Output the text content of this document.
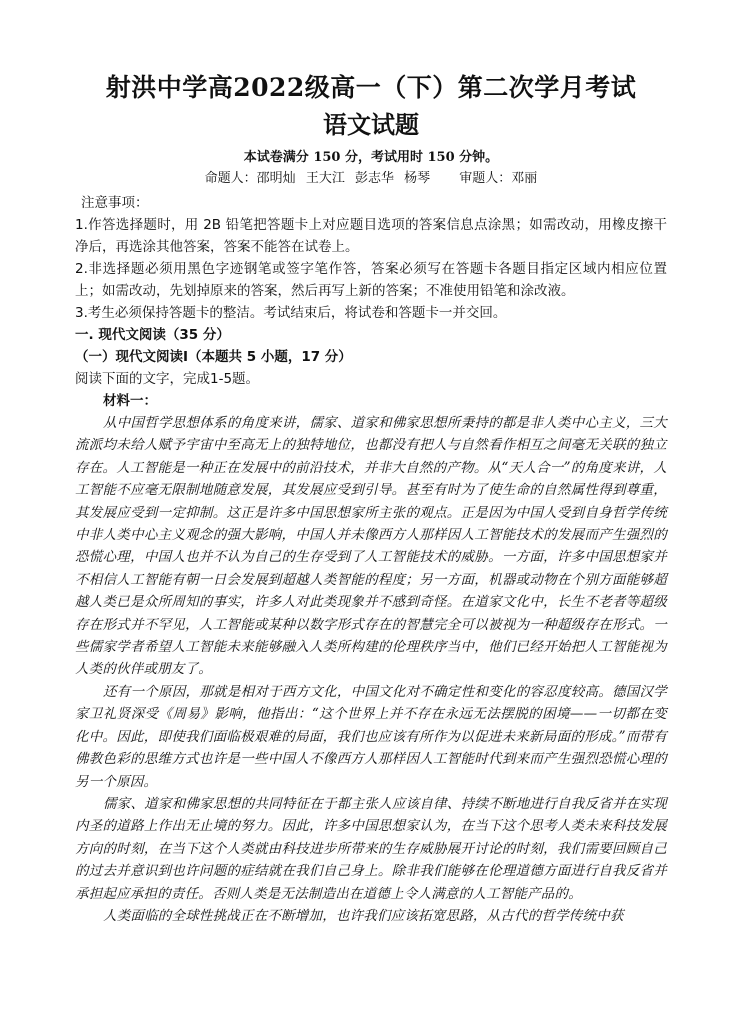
射洪中学高2022级高一（下）第二次学月考试
语文试题
本试卷满分 150 分，考试用时 150 分钟。
命题人：邵明灿 王大江 彭志华 杨琴 审题人：邓丽
注意事项：

1.作答选择题时，用 2B 铅笔把答题卡上对应题目选项的答案信息点涂黑；如需改动，用橡皮擦干净后，再选涂其他答案，答案不能答在试卷上。

2.非选择题必须用黑色字迹钢笔或签字笔作答，答案必须写在答题卡各题目指定区域内相应位置上；如需改动，先划掉原来的答案，然后再写上新的答案；不准使用铅笔和涂改液。

3.考生必须保持答题卡的整洁。考试结束后，将试卷和答题卡一并交回。

一. 现代文阅读（35 分）
（一）现代文阅读Ⅰ（本题共 5 小题，17 分）
阅读下面的文字，完成1-5题。
材料一：

从中国哲学思想体系的角度来讲，儒家、道家和佛家思想所秉持的都是非人类中心主义，三大流派均未给人赋予宇宙中至高无上的独特地位，也都没有把人与自然看作相互之间毫无关联的独立存在。人工智能是一种正在发展中的前沿技术，并非大自然的产物。从“天人合一”的角度来讲，人工智能不应毫无限制地随意发展，其发展应受到引导。甚至有时为了使生命的自然属性得到尊重，其发展应受到一定抑制。这正是许多中国思想家所主张的观点。正是因为中国人受到自身哲学传统中非人类中心主义观念的强大影响，中国人并未像西方人那样因人工智能技术的发展而产生强烈的恐慌心理，中国人也并不认为自己的生存受到了人工智能技术的威胁。一方面，许多中国思想家并不相信人工智能有朝一日会发展到超越人类智能的程度；另一方面，机器或动物在个别方面能够超越人类已是众所周知的事实，许多人对此类现象并不感到奇怪。在道家文化中，长生不老者等超级存在形式并不罕见，人工智能或某种以数字形式存在的智慧完全可以被视为一种超级存在形式。一些儒家学者希望人工智能未来能够融入人类所构建的伦理秩序当中，他们已经开始把人工智能视为人类的伙伴或朋友了。

还有一个原因，那就是相对于西方文化，中国文化对不确定性和变化的容忍度较高。德国汉学家卫礼贤深受《周易》影响，他指出：“这个世界上并不存在永远无法摆脱的困境——一切都在变化中。因此，即使我们面临极艰难的局面，我们也应该有所作为以促进未来新局面的形成。”而带有佛教色彩的思维方式也许是一些中国人不像西方人那样因人工智能时代到来而产生强烈恐慌心理的另一个原因。

儒家、道家和佛家思想的共同特征在于都主张人应该自律、持续不断地进行自我反省并在实现内圣的道路上作出无止境的努力。因此，许多中国思想家认为，在当下这个思考人类未来科技发展方向的时刻，在当下这个人类就由科技进步所带来的生存威胁展开讨论的时刻，我们需要回顾自己的过去并意识到也许问题的症结就在我们自己身上。除非我们能够在伦理道德方面进行自我反省并承担起应承担的责任。否则人类是无法制造出在道德上令人满意的人工智能产品的。

人类面临的全球性挑战正在不断增加，也许我们应该拓宽思路，从古代的哲学传统中获
